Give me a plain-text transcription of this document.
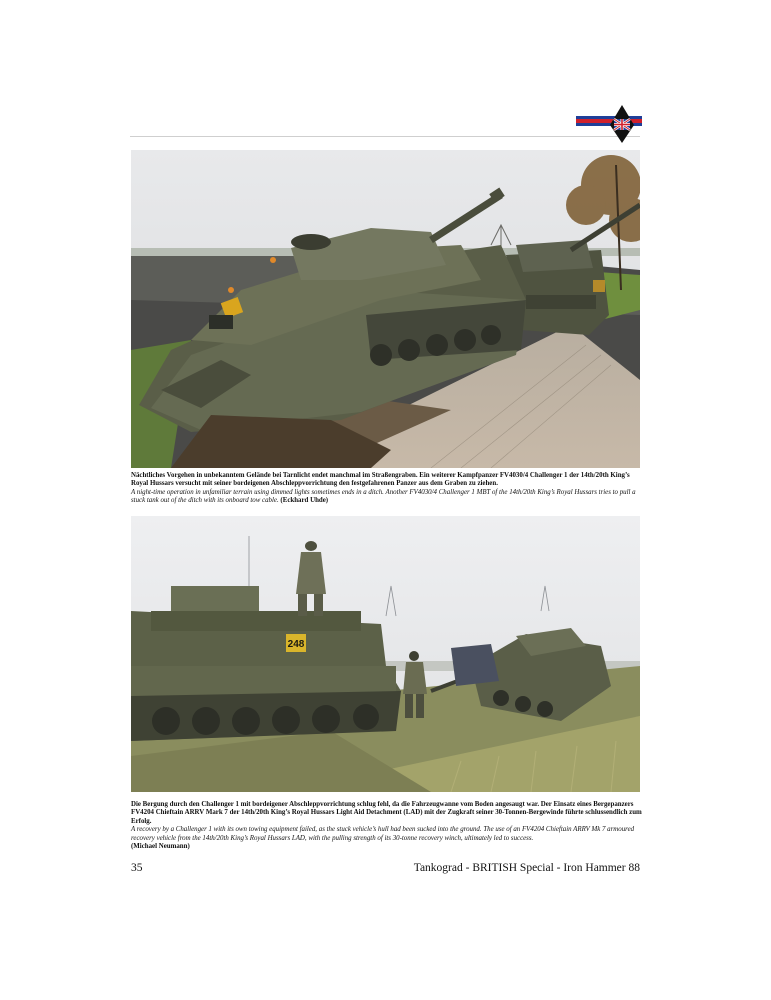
Nächtliches Vorgehen in unbekanntem Gelände bei Tarnlicht endet manchmal im Straßengraben. Ein weiterer Kampfpanzer FV4030/4 Challenger 1 der 14th/20th King’s Royal Hussars versucht mit seiner bordeigenen Abschleppvorrichtung den festgefahrenen Panzer aus dem Graben zu ziehen.
A night-time operation in unfamiliar terrain using dimmed lights sometimes ends in a ditch. Another FV4030/4 Challenger 1 MBT of the 14th/20th King’s Royal Hussars tries to pull a stuck tank out of the ditch with its onboard tow cable. (Eckhard Uhde)
248
Die Bergung durch den Challenger 1 mit bordeigener Abschleppvorrichtung schlug fehl, da die Fahrzeugwanne vom Boden angesaugt war. Der Einsatz eines Bergepanzers FV4204 Chieftain ARRV Mark 7 der 14th/20th King’s Royal Hussars Light Aid Detachment (LAD) mit der Zugkraft seiner 30-Tonnen-Bergewinde führte schlussendlich zum Erfolg.
A recovery by a Challenger 1 with its own towing equipment failed, as the stuck vehicle’s hull had been sucked into the ground. The use of an FV4204 Chieftain ARRV Mk 7 armoured recovery vehicle from the 14th/20th King’s Royal Hussars LAD, with the pulling strength of its 30-tonne recovery winch, ultimately led to success.
(Michael Neumann)
35	Tankograd - BRITISH Special - Iron Hammer 88
